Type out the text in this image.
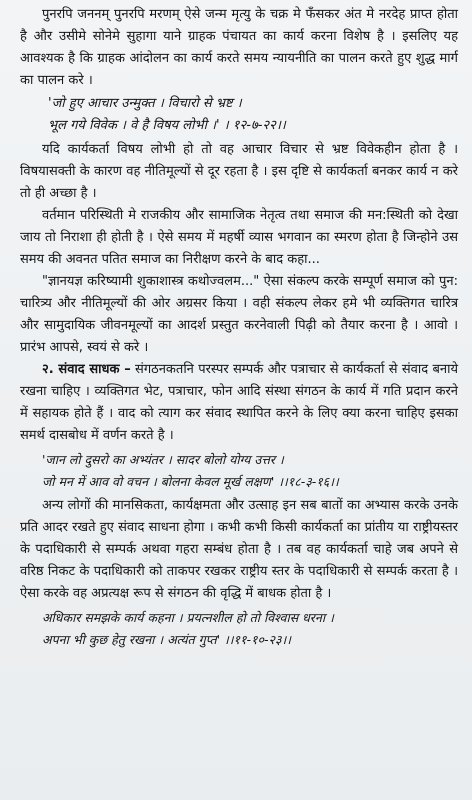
पुनरपि जननम् पुनरपि मरणम् ऐसे जन्म मृत्यु के चक्र मे फँसकर अंत मे नरदेह प्राप्त होता है और उसीमे सोनेमे सुहागा याने ग्राहक पंचायत का कार्य करना विशेष है । इसलिए यह आवश्यक है कि ग्राहक आंदोलन का कार्य करते समय न्यायनीति का पालन करते हुए शुद्ध मार्ग का पालन करे ।

'जो हुए आचार उन्मुक्त । विचारो से भ्रष्ट ।
भूल गये विवेक । वे है विषय लोभी ।' । १२-७-२२।।

यदि कार्यकर्ता विषय लोभी हो तो वह आचार विचार से भ्रष्ट विवेकहीन होता है । विषयासक्ती के कारण वह नीतिमूल्यों से दूर रहता है । इस दृष्टि से कार्यकर्ता बनकर कार्य न करे तो ही अच्छा है ।

वर्तमान परिस्थिती मे राजकीय और सामाजिक नेतृत्व तथा समाज की मन:स्थिती को देखा जाय तो निराशा ही होती है । ऐसे समय में महर्षी व्यास भगवान का स्मरण होता है जिन्होने उस समय की अवनत पतित समाज का निरीक्षण करने के बाद कहा...

"ज्ञानयज्ञ करिष्यामी शुकाशास्त्र कथोज्वलम..." ऐसा संकल्प करके सम्पूर्ण समाज को पुन: चारित्र्य और नीतिमूल्यों की ओर अग्रसर किया । वही संकल्प लेकर हमे भी व्यक्तिगत चारित्र और सामुदायिक जीवनमूल्यों का आदर्श प्रस्तुत करनेवाली पिढ़ी को तैयार करना है । आवो । प्रारंभ आपसे, स्वयं से करे ।

२. संवाद साधक – संगठनकतनि परस्पर सम्पर्क और पत्राचार से कार्यकर्ता से संवाद बनाये रखना चाहिए । व्यक्तिगत भेट, पत्राचार, फोन आदि संस्था संगठन के कार्य में गति प्रदान करने में सहायक होते हैं । वाद को त्याग कर संवाद स्थापित करने के लिए क्या करना चाहिए इसका समर्थ दासबोध में वर्णन करते है ।

'जान लो दुसरो का अभ्यंतर । सादर बोलो योग्य उत्तर ।
जो मन में आव वो वचन । बोलना केवल मूर्ख लक्षण' ।।१८-३-१६।।

अन्य लोगों की मानसिकता, कार्यक्षमता और उत्साह इन सब बातों का अभ्यास करके उनके प्रति आदर रखते हुए संवाद साधना होगा । कभी कभी किसी कार्यकर्ता का प्रांतीय या राष्ट्रीयस्तर के पदाधिकारी से सम्पर्क अथवा गहरा सम्बंध होता है । तब वह कार्यकर्ता चाहे जब अपने से वरिष्ठ निकट के पदाधिकारी को ताकपर रखकर राष्ट्रीय स्तर के पदाधिकारी से सम्पर्क करता है । ऐसा करके वह अप्रत्यक्ष रूप से संगठन की वृद्धि में बाधक होता है ।

अधिकार समझके कार्य कहना । प्रयत्नशील हो तो विश्वास धरना ।
अपना भी कुछ हेतु रखना । अत्यंत गुप्त' ।।११-१०-२३।।
